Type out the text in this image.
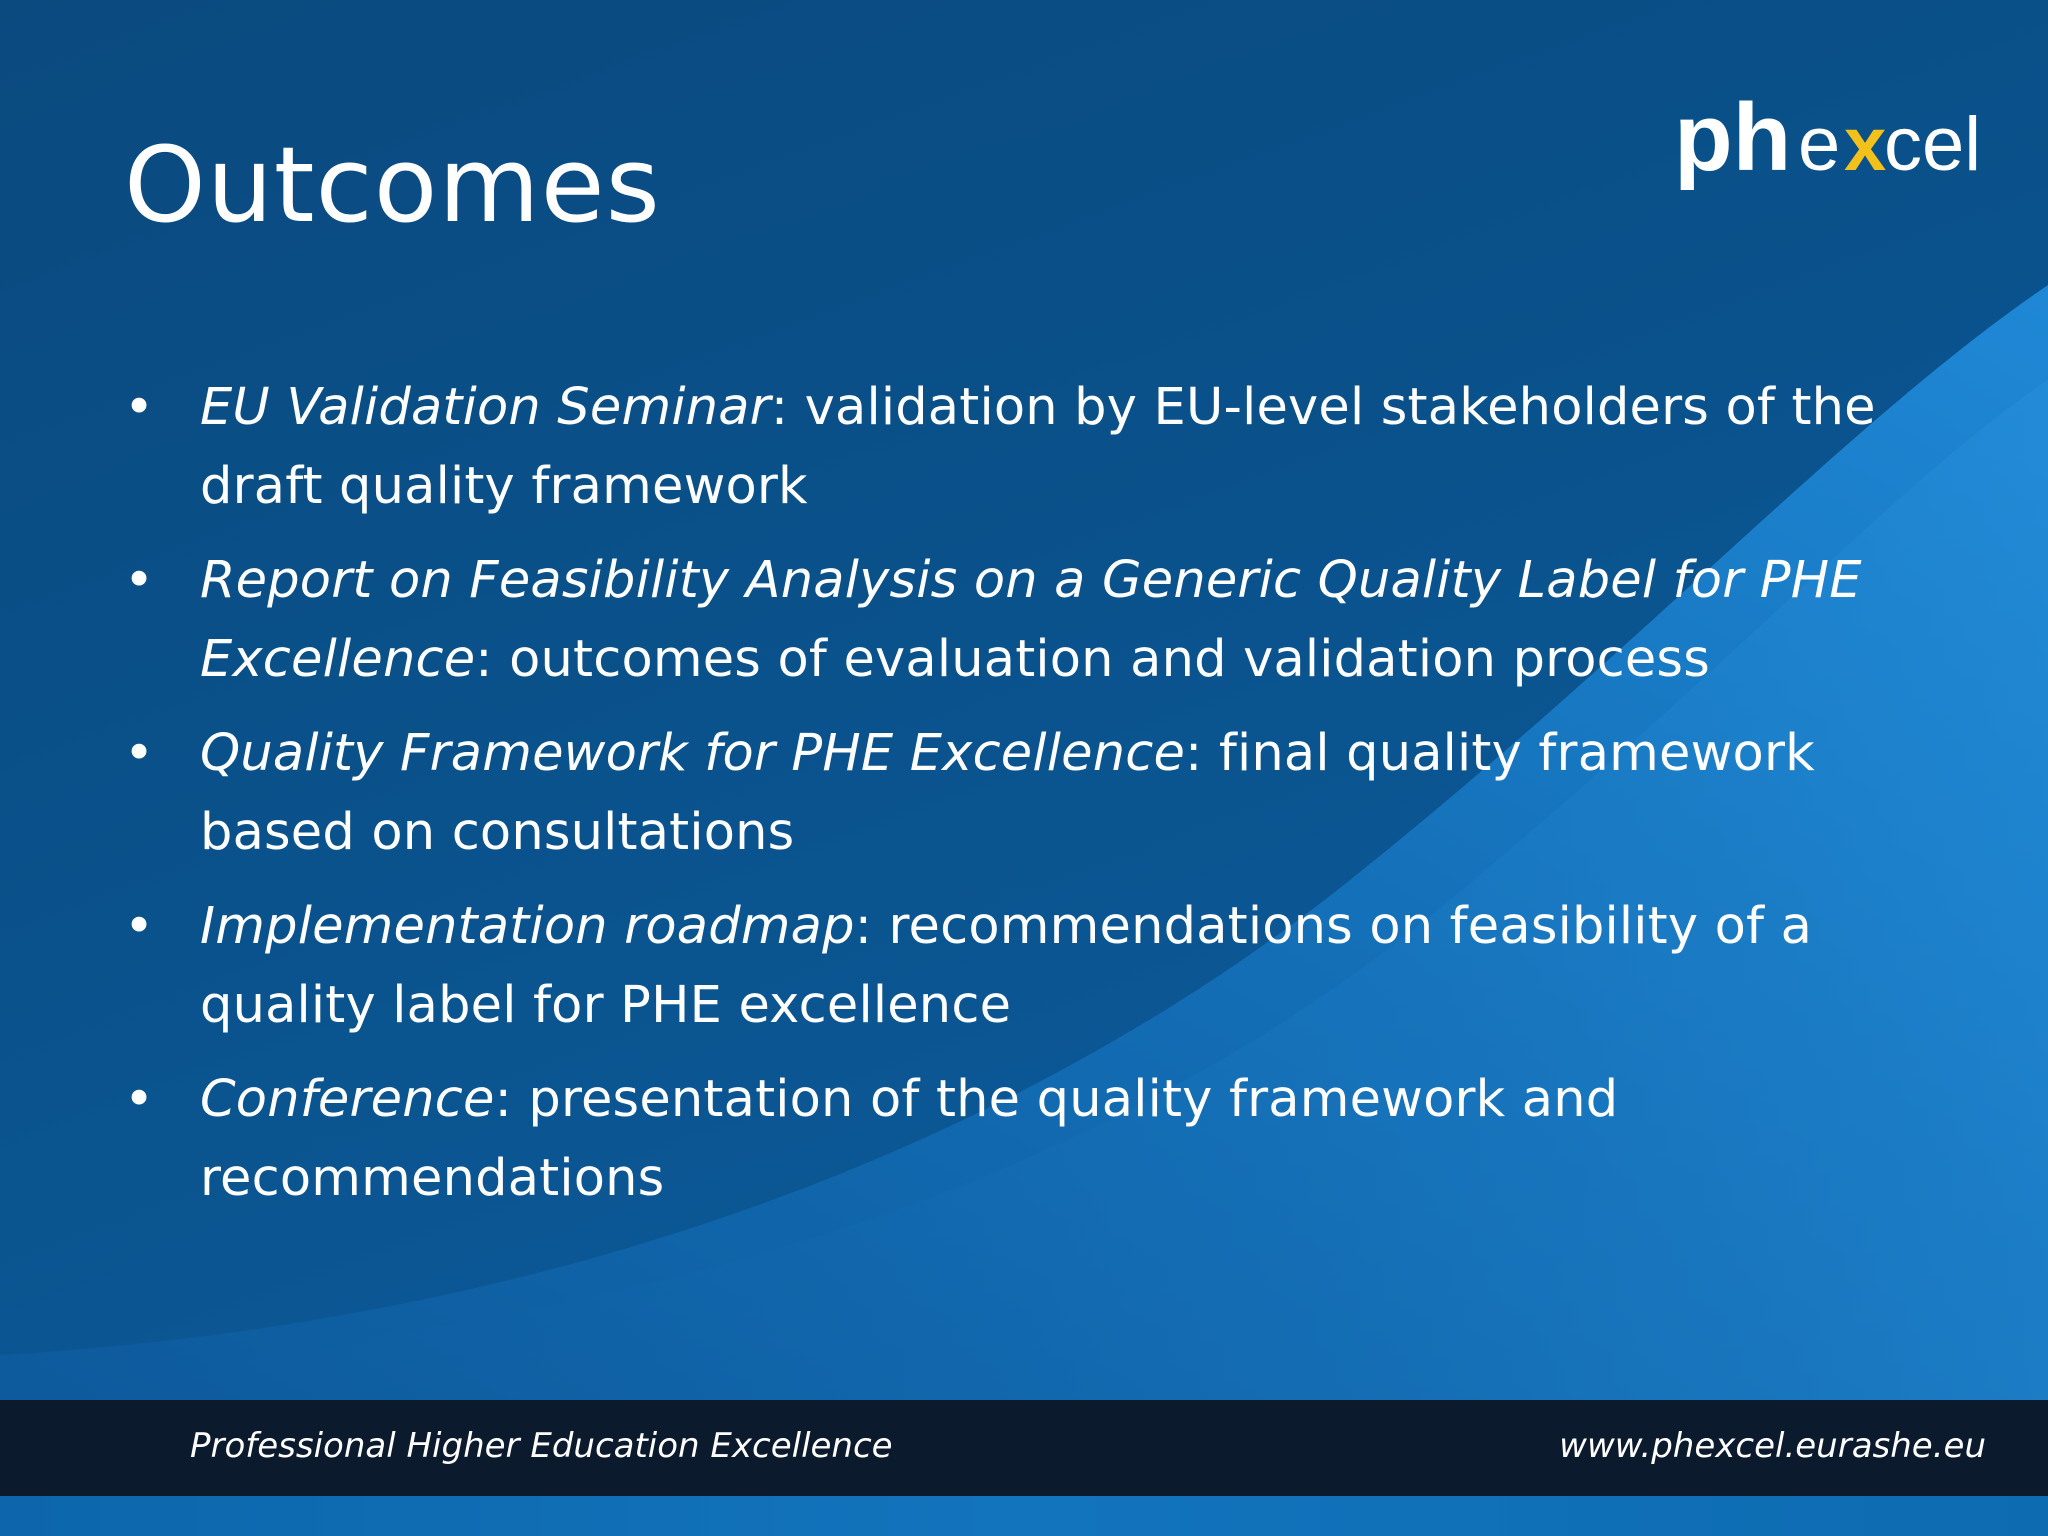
Outcomes	ph e x
cel
• EU Validation Seminar: validation by EU-level stakeholders of the draft quality framework
• Report on Feasibility Analysis on a Generic Quality Label for PHE Excellence: outcomes of evaluation and validation process
• Quality Framework for PHE Excellence: final quality framework based on consultations
• Implementation roadmap: recommendations on feasibility of a quality label for PHE excellence
• Conference: presentation of the quality framework and recommendations
Professional Higher Education Excellence	www.phexcel.eurashe.eu
